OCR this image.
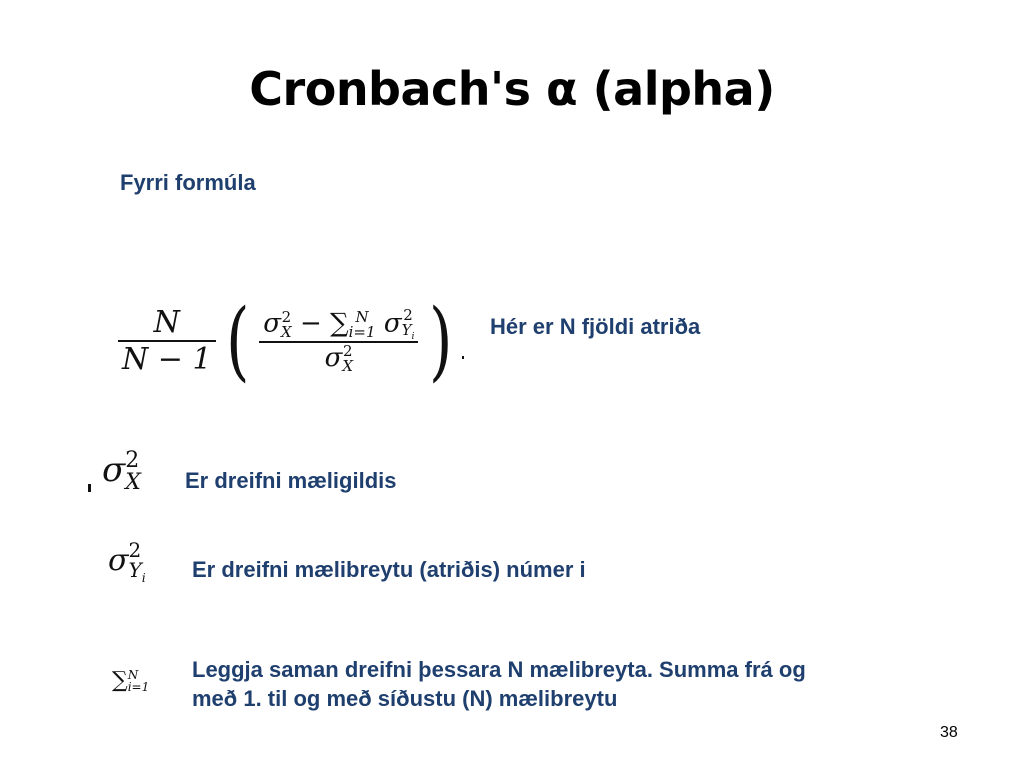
Cronbach's α (alpha)
Fyrri formúla
$\frac{N}{N - 1}$ ( σ 2
X − ∑ N
i=1 σ 2
$Y_i$
σ 2
X ) Hér er N fjöldi atriða
σ 2
X Er dreifni mæligildis
σ 2
$Y_i$ Er dreifni mælibreytu (atriðis) númer i
∑ N
i=1
Leggja saman dreifni þessara N mælibreyta. Summa frá og með 1. til og með síðustu (N) mælibreytu
38
